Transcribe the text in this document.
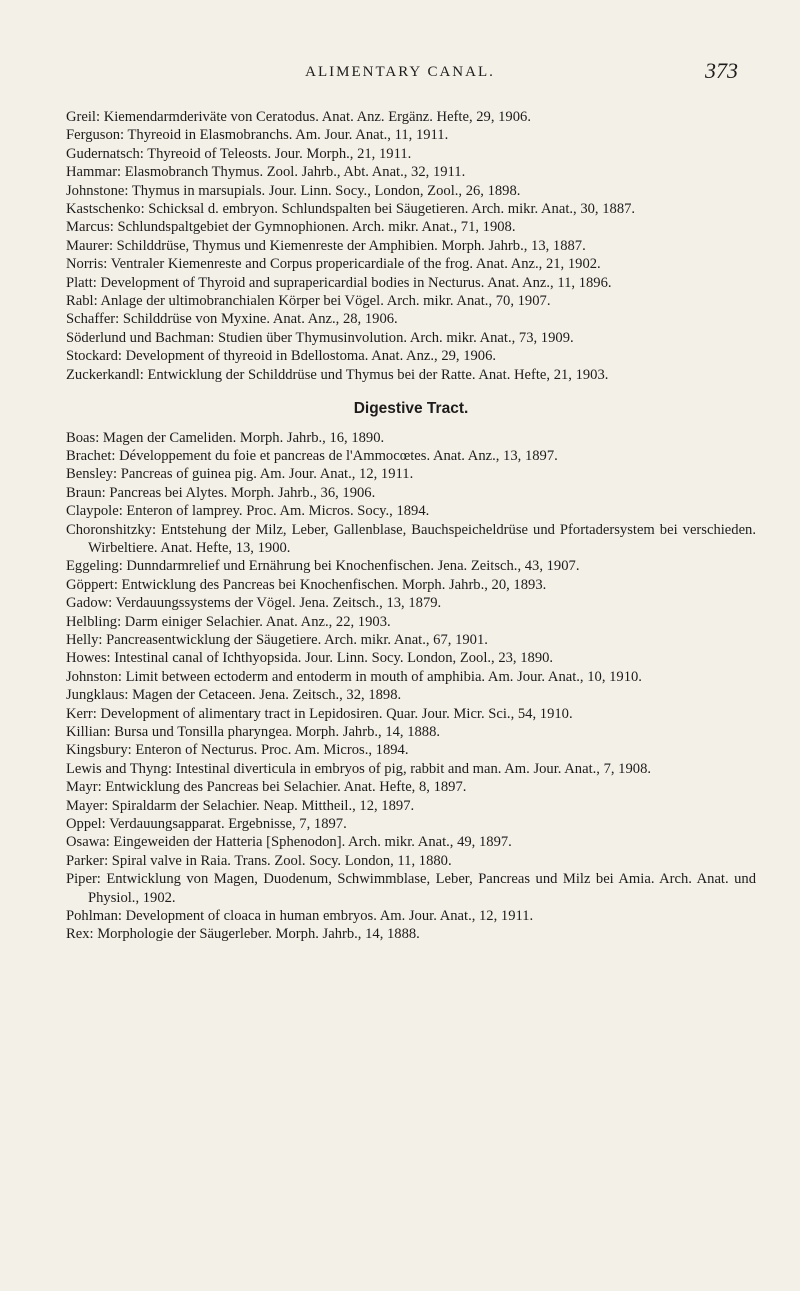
ALIMENTARY CANAL.	373

Greil: Kiemendarmderiväte von Ceratodus. Anat. Anz. Ergänz. Hefte, 29, 1906.

Ferguson: Thyreoid in Elasmobranchs. Am. Jour. Anat., 11, 1911.

Gudernatsch: Thyreoid of Teleosts. Jour. Morph., 21, 1911.

Hammar: Elasmobranch Thymus. Zool. Jahrb., Abt. Anat., 32, 1911.

Johnstone: Thymus in marsupials. Jour. Linn. Socy., London, Zool., 26, 1898.

Kastschenko: Schicksal d. embryon. Schlundspalten bei Säugetieren. Arch. mikr. Anat., 30, 1887.

Marcus: Schlundspaltgebiet der Gymnophionen. Arch. mikr. Anat., 71, 1908.

Maurer: Schilddrüse, Thymus und Kiemenreste der Amphibien. Morph. Jahrb., 13, 1887.

Norris: Ventraler Kiemenreste and Corpus propericardiale of the frog. Anat. Anz., 21, 1902.

Platt: Development of Thyroid and suprapericardial bodies in Necturus. Anat. Anz., 11, 1896.

Rabl: Anlage der ultimobranchialen Körper bei Vögel. Arch. mikr. Anat., 70, 1907.

Schaffer: Schilddrüse von Myxine. Anat. Anz., 28, 1906.

Söderlund und Bachman: Studien über Thymusinvolution. Arch. mikr. Anat., 73, 1909.

Stockard: Development of thyreoid in Bdellostoma. Anat. Anz., 29, 1906.

Zuckerkandl: Entwicklung der Schilddrüse und Thymus bei der Ratte. Anat. Hefte, 21, 1903.

Digestive Tract.

Boas: Magen der Cameliden. Morph. Jahrb., 16, 1890.

Brachet: Développement du foie et pancreas de l'Ammocœtes. Anat. Anz., 13, 1897.

Bensley: Pancreas of guinea pig. Am. Jour. Anat., 12, 1911.

Braun: Pancreas bei Alytes. Morph. Jahrb., 36, 1906.

Claypole: Enteron of lamprey. Proc. Am. Micros. Socy., 1894.

Choronshitzky: Entstehung der Milz, Leber, Gallenblase, Bauchspeicheldrüse und Pfortadersystem bei verschieden. Wirbeltiere. Anat. Hefte, 13, 1900.

Eggeling: Dunndarmrelief und Ernährung bei Knochenfischen. Jena. Zeitsch., 43, 1907.

Göppert: Entwicklung des Pancreas bei Knochenfischen. Morph. Jahrb., 20, 1893.

Gadow: Verdauungssystems der Vögel. Jena. Zeitsch., 13, 1879.

Helbling: Darm einiger Selachier. Anat. Anz., 22, 1903.

Helly: Pancreasentwicklung der Säugetiere. Arch. mikr. Anat., 67, 1901.

Howes: Intestinal canal of Ichthyopsida. Jour. Linn. Socy. London, Zool., 23, 1890.

Johnston: Limit between ectoderm and entoderm in mouth of amphibia. Am. Jour. Anat., 10, 1910.

Jungklaus: Magen der Cetaceen. Jena. Zeitsch., 32, 1898.

Kerr: Development of alimentary tract in Lepidosiren. Quar. Jour. Micr. Sci., 54, 1910.

Killian: Bursa und Tonsilla pharyngea. Morph. Jahrb., 14, 1888.

Kingsbury: Enteron of Necturus. Proc. Am. Micros., 1894.

Lewis and Thyng: Intestinal diverticula in embryos of pig, rabbit and man. Am. Jour. Anat., 7, 1908.

Mayr: Entwicklung des Pancreas bei Selachier. Anat. Hefte, 8, 1897.

Mayer: Spiraldarm der Selachier. Neap. Mittheil., 12, 1897.

Oppel: Verdauungsapparat. Ergebnisse, 7, 1897.

Osawa: Eingeweiden der Hatteria [Sphenodon]. Arch. mikr. Anat., 49, 1897.

Parker: Spiral valve in Raia. Trans. Zool. Socy. London, 11, 1880.

Piper: Entwicklung von Magen, Duodenum, Schwimmblase, Leber, Pancreas und Milz bei Amia. Arch. Anat. und Physiol., 1902.

Pohlman: Development of cloaca in human embryos. Am. Jour. Anat., 12, 1911.

Rex: Morphologie der Säugerleber. Morph. Jahrb., 14, 1888.
